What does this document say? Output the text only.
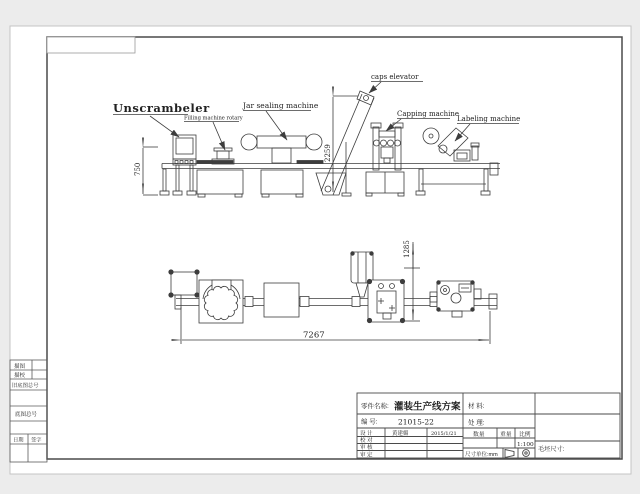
Unscrambeler
Filling machine rotary
Jar sealing machine
caps elevator
Capping machine
Labeling machine
750
2259
1285
7267
零件名称: 灌装生产线方案 材 料:
编 号:	21015-22	处 理:
设 计	黄建媚	2015/1/21
校 对
审 核
审 定
数量	重量 比例
1:100
尺寸单位:mm
毛坯尺寸:
描图
描校
旧底图总号
底图总号
日期 签字
